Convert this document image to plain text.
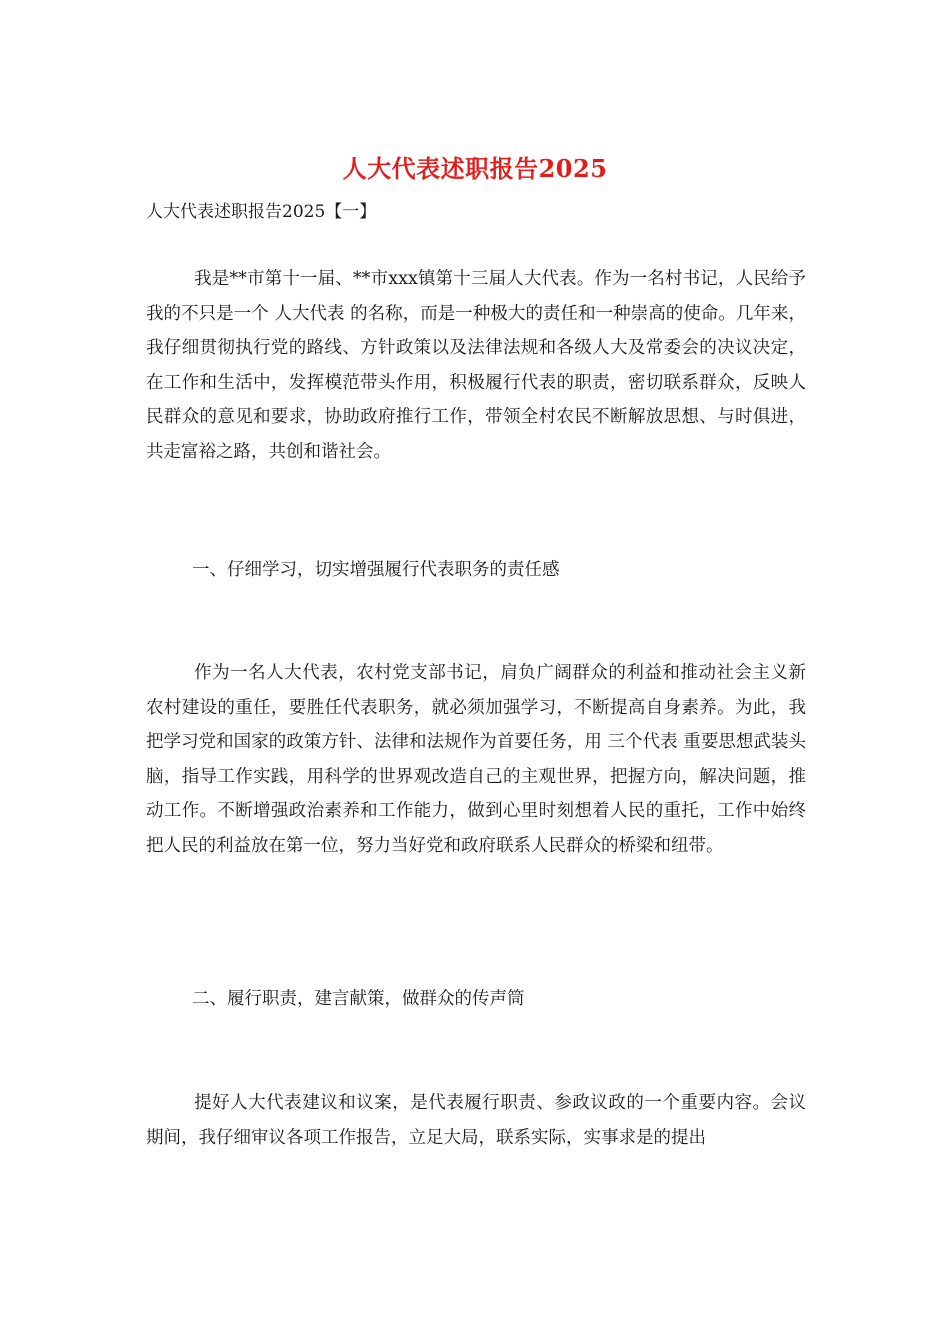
人大代表述职报告2025
人大代表述职报告2025【一】

我是**市第十一届、**市xxx镇第十三届人大代表。作为一名村书记，人民给予我的不只是一个 人大代表 的名称，而是一种极大的责任和一种崇高的使命。几年来，我仔细贯彻执行党的路线、方针政策以及法律法规和各级人大及常委会的决议决定，在工作和生活中，发挥模范带头作用，积极履行代表的职责，密切联系群众，反映人民群众的意见和要求，协助政府推行工作，带领全村农民不断解放思想、与时俱进，共走富裕之路，共创和谐社会。

一、仔细学习，切实增强履行代表职务的责任感

作为一名人大代表，农村党支部书记，肩负广阔群众的利益和推动社会主义新农村建设的重任，要胜任代表职务，就必须加强学习，不断提高自身素养。为此，我把学习党和国家的政策方针、法律和法规作为首要任务，用 三个代表 重要思想武装头脑，指导工作实践，用科学的世界观改造自己的主观世界，把握方向，解决问题，推动工作。不断增强政治素养和工作能力，做到心里时刻想着人民的重托，工作中始终把人民的利益放在第一位，努力当好党和政府联系人民群众的桥梁和纽带。

二、履行职责，建言献策，做群众的传声筒

提好人大代表建议和议案，是代表履行职责、参政议政的一个重要内容。会议期间，我仔细审议各项工作报告，立足大局，联系实际，实事求是的提出
